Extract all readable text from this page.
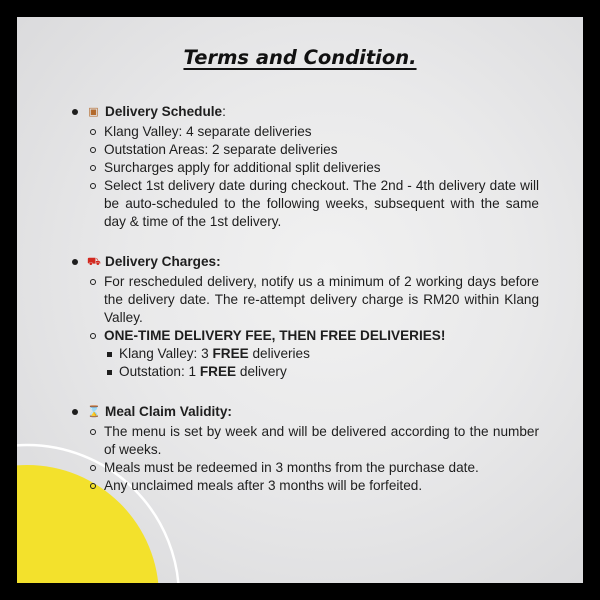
Terms and Condition.
▣ Delivery Schedule :
Klang Valley: 4 separate deliveries
Outstation Areas: 2 separate deliveries
Surcharges apply for additional split deliveries
Select 1st delivery date during checkout. The 2nd - 4th delivery date will be auto-scheduled to the following weeks, subsequent with the same day & time of the 1st delivery.
⛟ Delivery Charges:
For rescheduled delivery, notify us a minimum of 2 working days before the delivery date. The re-attempt delivery charge is RM20 within Klang Valley.
ONE-TIME DELIVERY FEE, THEN FREE DELIVERIES!
Klang Valley: 3 FREE deliveries
Outstation: 1 FREE delivery
⌛ Meal Claim Validity:
The menu is set by week and will be delivered according to the number of weeks.
Meals must be redeemed in 3 months from the purchase date.
Any unclaimed meals after 3 months will be forfeited.
